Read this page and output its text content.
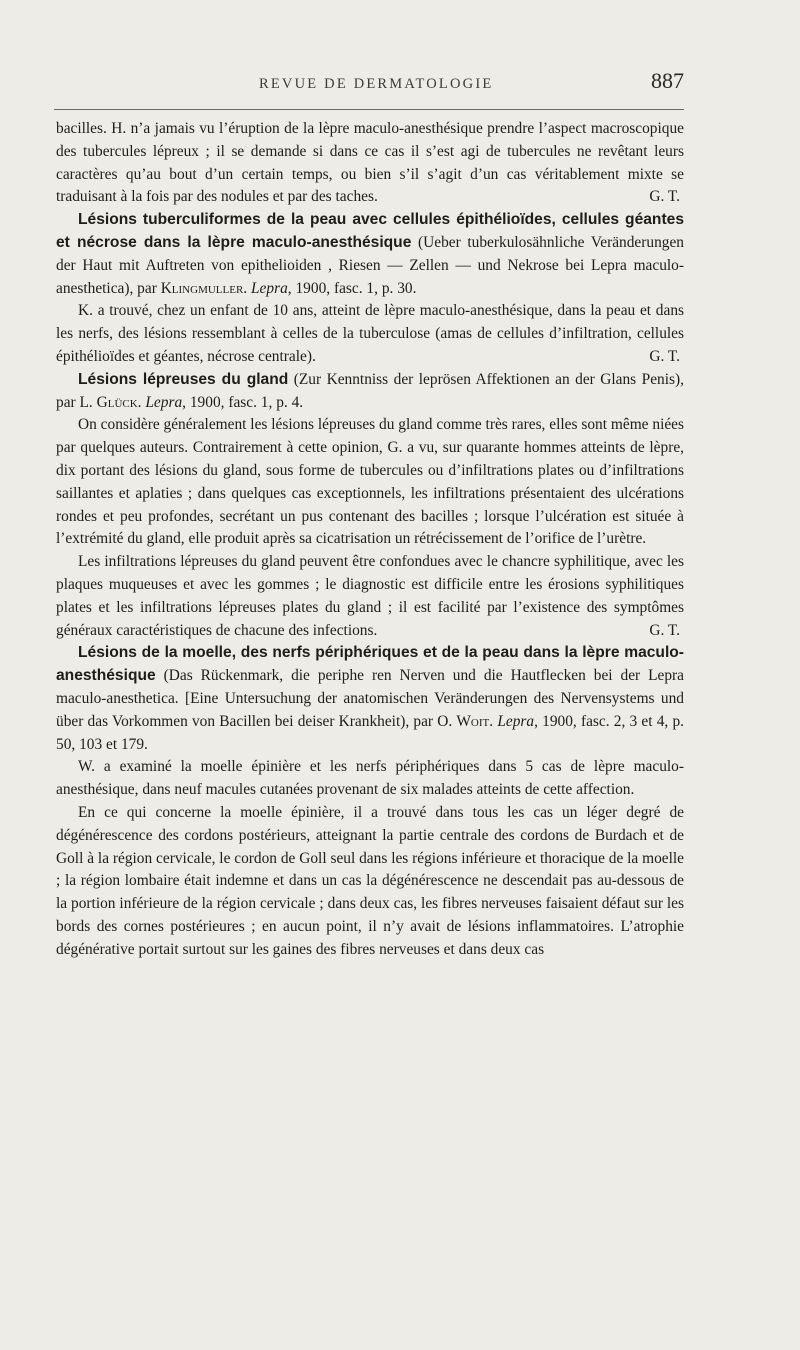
REVUE DE DERMATOLOGIE	887

bacilles. H. n’a jamais vu l’éruption de la lèpre maculo-anesthésique prendre l’aspect macroscopique des tubercules lépreux ; il se demande si dans ce cas il s’est agi de tubercules ne revêtant leurs caractères qu’au bout d’un certain temps, ou bien s’il s’agit d’un cas véritablement mixte se traduisant à la fois par des nodules et par des taches.	G. T.

Lésions tuberculiformes de la peau avec cellules épithélioïdes, cellules géantes et nécrose dans la lèpre maculo-anesthésique (Ueber tuberkulosähnliche Veränderungen der Haut mit Auftreten von epithelioiden , Riesen — Zellen — und Nekrose bei Lepra maculo-anesthetica), par Klingmuller. Lepra, 1900, fasc. 1, p. 30.

K. a trouvé, chez un enfant de 10 ans, atteint de lèpre maculo-anesthésique, dans la peau et dans les nerfs, des lésions ressemblant à celles de la tuberculose (amas de cellules d’infiltration, cellules épithélioïdes et géantes, nécrose centrale).	G. T.

Lésions lépreuses du gland (Zur Kenntniss der leprösen Affektionen an der Glans Penis), par L. Glück. Lepra, 1900, fasc. 1, p. 4.

On considère généralement les lésions lépreuses du gland comme très rares, elles sont même niées par quelques auteurs. Contrairement à cette opinion, G. a vu, sur quarante hommes atteints de lèpre, dix portant des lésions du gland, sous forme de tubercules ou d’infiltrations plates ou d’infiltrations saillantes et aplaties ; dans quelques cas exceptionnels, les infiltrations présentaient des ulcérations rondes et peu profondes, secrétant un pus contenant des bacilles ; lorsque l’ulcération est située à l’extrémité du gland, elle produit après sa cicatrisation un rétrécissement de l’orifice de l’urètre.

Les infiltrations lépreuses du gland peuvent être confondues avec le chancre syphilitique, avec les plaques muqueuses et avec les gommes ; le diagnostic est difficile entre les érosions syphilitiques plates et les infiltrations lépreuses plates du gland ; il est facilité par l’existence des symptômes généraux caractéristiques de chacune des infections.	G. T.

Lésions de la moelle, des nerfs périphériques et de la peau dans la lèpre maculo-anesthésique (Das Rückenmark, die periphe ren Nerven und die Hautflecken bei der Lepra maculo-anesthetica. [Eine Untersuchung der anatomischen Veränderungen des Nervensystems und über das Vorkommen von Bacillen bei deiser Krankheit), par O. Woit. Lepra, 1900, fasc. 2, 3 et 4, p. 50, 103 et 179.

W. a examiné la moelle épinière et les nerfs périphériques dans 5 cas de lèpre maculo-anesthésique, dans neuf macules cutanées provenant de six malades atteints de cette affection.

En ce qui concerne la moelle épinière, il a trouvé dans tous les cas un léger degré de dégénérescence des cordons postérieurs, atteignant la partie centrale des cordons de Burdach et de Goll à la région cervicale, le cordon de Goll seul dans les régions inférieure et thoracique de la moelle ; la région lombaire était indemne et dans un cas la dégénérescence ne descendait pas au-dessous de la portion inférieure de la région cervicale ; dans deux cas, les fibres nerveuses faisaient défaut sur les bords des cornes postérieures ; en aucun point, il n’y avait de lésions inflammatoires. L’atrophie dégénérative portait surtout sur les gaines des fibres nerveuses et dans deux cas
